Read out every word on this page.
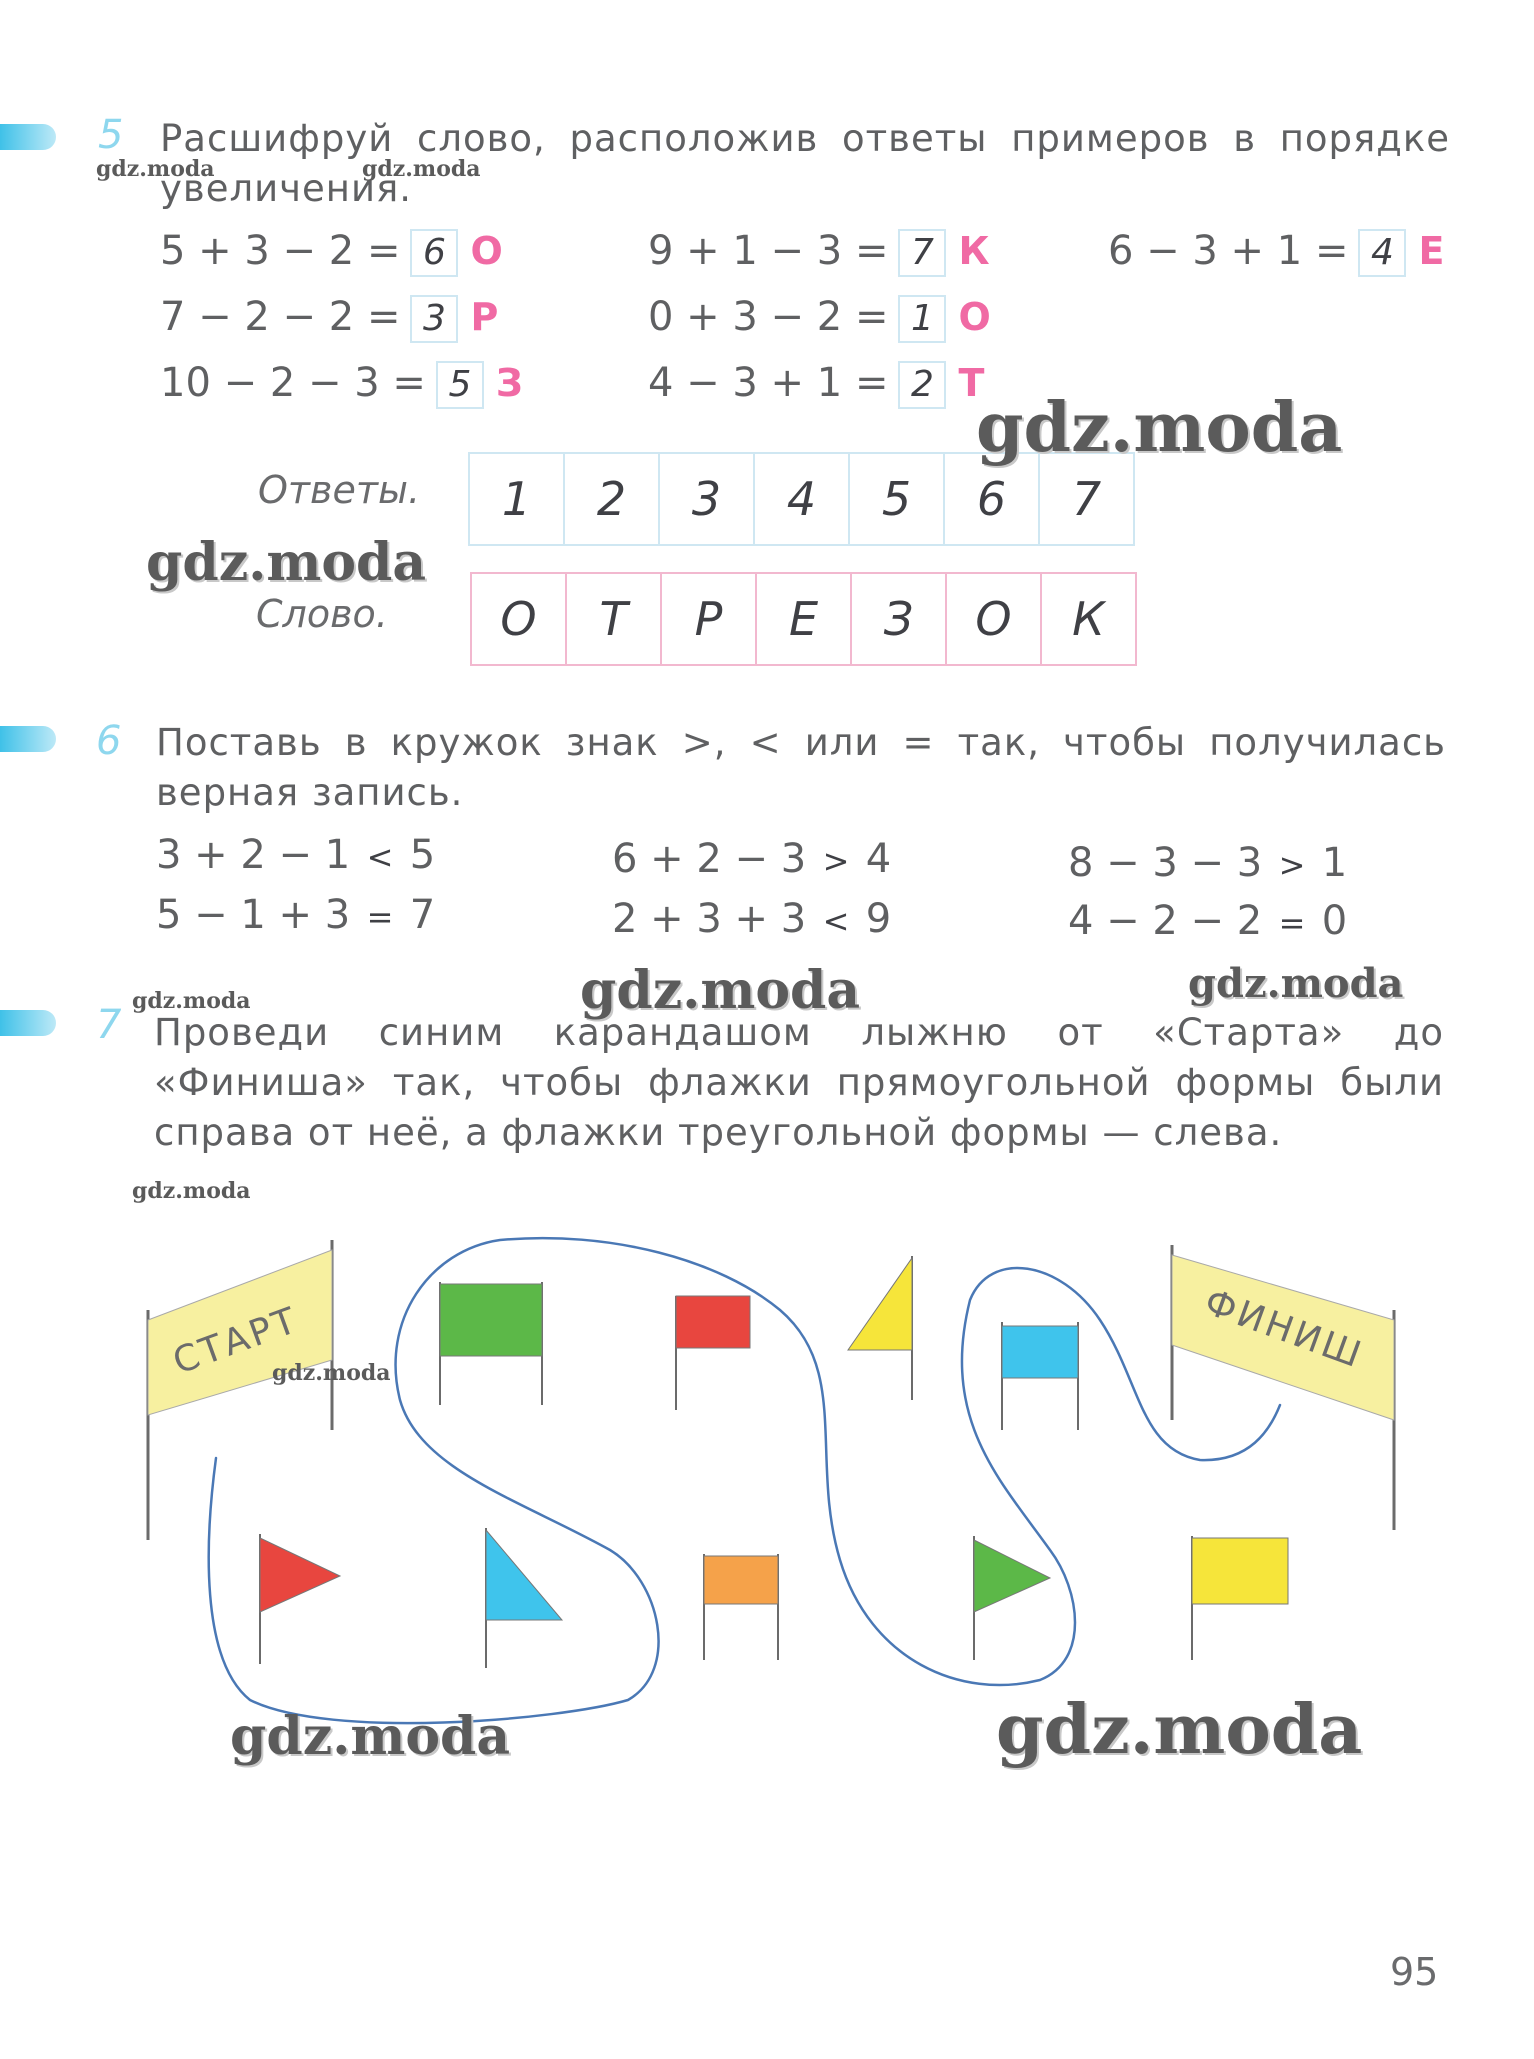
5 Расшифруй слово, расположив ответы примеров в порядке увеличения.
5 + 3 − 2 = 6 О
7 − 2 − 2 = 3 Р
10 − 2 − 3 = 5 З
9 + 1 − 3 = 7 К
0 + 3 − 2 = 1 О
4 − 3 + 1 = 2 Т
6 − 3 + 1 = 4 Е
Ответы.	1	2	3	4	5	6	7
Слово.	О	Т	Р	Е	З	О	К
6 Поставь в кружок знак >, < или = так, чтобы получилась верная запись.
3 + 2 − 1 < 5
5 − 1 + 3 = 7
6 + 2 − 3 > 4
2 + 3 + 3 < 9
8 − 3 − 3 > 1
4 − 2 − 2 = 0
7 Проведи синим карандашом лыжню от «Старта» до «Финиша» так, чтобы флажки прямоугольной формы были справа от неё, а флажки треугольной формы — слева.
СТАРТ	ФИНИШ
gdz.moda	gdz.moda
gdz.moda
gdz.moda
gdz.moda	gdz.moda	gdz.moda
gdz.moda
gdz.moda
gdz.moda	gdz.moda
95
